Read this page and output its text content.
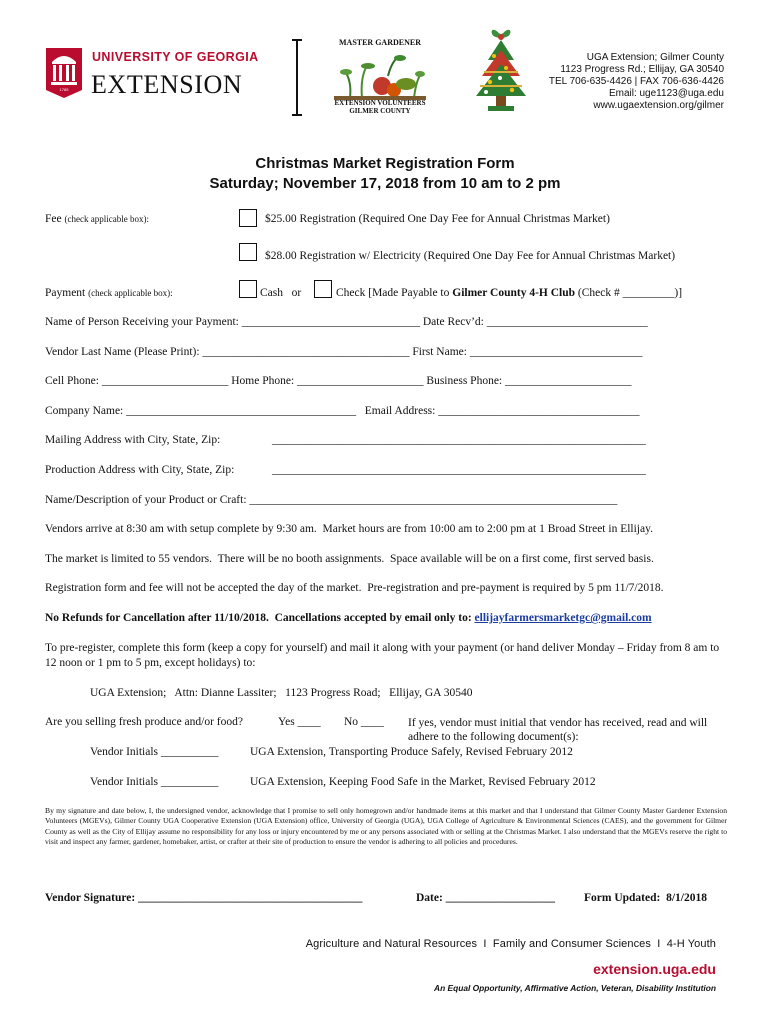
1785
UNIVERSITY OF GEORGIA
EXTENSION
MASTER GARDENER
EXTENSION VOLUNTEERS
GILMER COUNTY
UGA Extension; Gilmer County
1123 Progress Rd.; Ellijay, GA 30540
TEL 706-635-4426 | FAX 706-636-4426
Email: uge1123@uga.edu
www.ugaextension.org/gilmer
Christmas Market Registration Form
Saturday; November 17, 2018 from 10 am to 2 pm
Fee (check applicable box):	$25.00 Registration (Required One Day Fee for Annual Christmas Market)
$28.00 Registration w/ Electricity (Required One Day Fee for Annual Christmas Market)
Payment (check applicable box):	Cash   or	Check [Made Payable to Gilmer County 4-H Club (Check # _________)]
Name of Person Receiving your Payment: _______________________________ Date Recv’d: ____________________________
Vendor Last Name (Please Print): ____________________________________ First Name: ______________________________
Cell Phone: ______________________ Home Phone: ______________________ Business Phone: ______________________
Company Name: ________________________________________   Email Address: ___________________________________
Mailing Address with City, State, Zip:	_________________________________________________________________
Production Address with City, State, Zip:	_________________________________________________________________
Name/Description of your Product or Craft: ________________________________________________________________
Vendors arrive at 8:30 am with setup complete by 9:30 am.  Market hours are from 10:00 am to 2:00 pm at 1 Broad Street in Ellijay.
The market is limited to 55 vendors.  There will be no booth assignments.  Space available will be on a first come, first served basis.
Registration form and fee will not be accepted the day of the market.  Pre-registration and pre-payment is required by 5 pm 11/7/2018.
No Refunds for Cancellation after 11/10/2018.  Cancellations accepted by email only to: ellijayfarmersmarketgc@gmail.com
To pre-register, complete this form (keep a copy for yourself) and mail it along with your payment (or hand deliver Monday – Friday from 8 am to 12 noon or 1 pm to 5 pm, except holidays) to:
UGA Extension;   Attn: Dianne Lassiter;   1123 Progress Road;   Ellijay, GA 30540
Are you selling fresh produce and/or food?	Yes ____ No ____ If yes, vendor must initial that vendor has received, read and will adhere to the following document(s):
Vendor Initials __________	UGA Extension, Transporting Produce Safely, Revised February 2012
Vendor Initials __________	UGA Extension, Keeping Food Safe in the Market, Revised February 2012
By my signature and date below, I, the undersigned vendor, acknowledge that I promise to sell only homegrown and/or handmade items at this market and that I understand that Gilmer County Master Gardener Extension Volunteers (MGEVs), Gilmer County UGA Cooperative Extension (UGA Extension) office, University of Georgia (UGA), UGA College of Agriculture & Environmental Sciences (CAES), and the government for Gilmer County as well as the City of Ellijay assume no responsibility for any loss or injury encountered by me or any persons associated with or selling at the Christmas Market. I also understand that the MGEVs reserve the right to visit and inspect any farmer, gardener, homebaker, artist, or crafter at their site of production to ensure the vendor is adhering to all policies and procedures.
Vendor Signature: _______________________________________	Date: ___________________	Form Updated:  8/1/2018
Agriculture and Natural Resources  I  Family and Consumer Sciences  I  4-H Youth
extension.uga.edu
An Equal Opportunity, Affirmative Action, Veteran, Disability Institution
